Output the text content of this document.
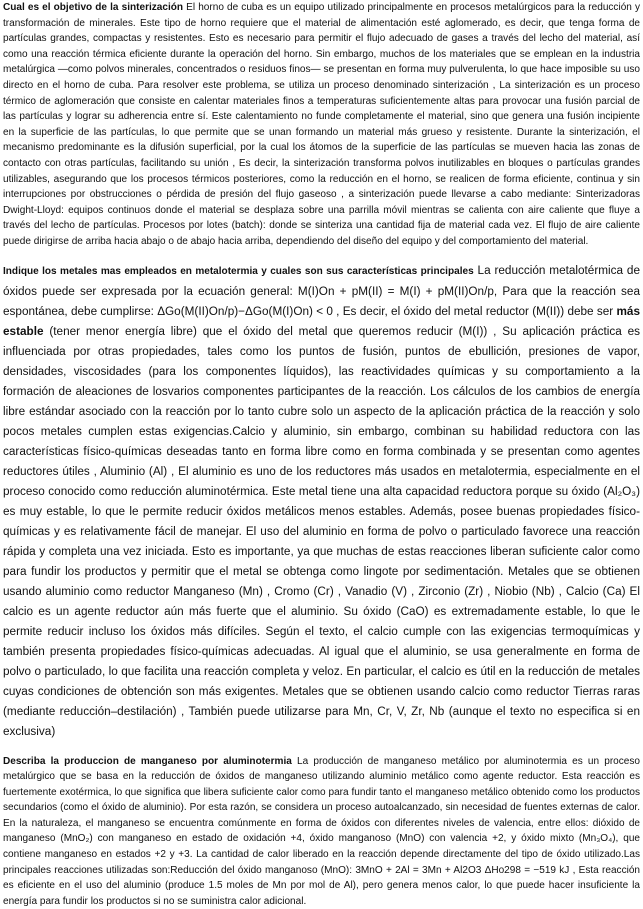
Cual es el objetivo de la sinterización El horno de cuba es un equipo utilizado principalmente en procesos metalúrgicos para la reducción y transformación de minerales. Este tipo de horno requiere que el material de alimentación esté aglomerado, es decir, que tenga forma de partículas grandes, compactas y resistentes. Esto es necesario para permitir el flujo adecuado de gases a través del lecho del material, así como una reacción térmica eficiente durante la operación del horno. Sin embargo, muchos de los materiales que se emplean en la industria metalúrgica —como polvos minerales, concentrados o residuos finos— se presentan en forma muy pulverulenta, lo que hace imposible su uso directo en el horno de cuba. Para resolver este problema, se utiliza un proceso denominado sinterización , La sinterización es un proceso térmico de aglomeración que consiste en calentar materiales finos a temperaturas suficientemente altas para provocar una fusión parcial de las partículas y lograr su adherencia entre sí. Este calentamiento no funde completamente el material, sino que genera una fusión incipiente en la superficie de las partículas, lo que permite que se unan formando un material más grueso y resistente. Durante la sinterización, el mecanismo predominante es la difusión superficial, por la cual los átomos de la superficie de las partículas se mueven hacia las zonas de contacto con otras partículas, facilitando su unión , Es decir, la sinterización transforma polvos inutilizables en bloques o partículas grandes utilizables, asegurando que los procesos térmicos posteriores, como la reducción en el horno, se realicen de forma eficiente, continua y sin interrupciones por obstrucciones o pérdida de presión del flujo gaseoso , a sinterización puede llevarse a cabo mediante: Sinterizadoras Dwight-Lloyd: equipos continuos donde el material se desplaza sobre una parrilla móvil mientras se calienta con aire caliente que fluye a través del lecho de partículas. Procesos por lotes (batch): donde se sinteriza una cantidad fija de material cada vez. El flujo de aire caliente puede dirigirse de arriba hacia abajo o de abajo hacia arriba, dependiendo del diseño del equipo y del comportamiento del material.

Indique los metales mas empleados en metalotermia y cuales son sus características principales La reducción metalotérmica de óxidos puede ser expresada por la ecuación general: M(I)On + pM(II) = M(I) + pM(II)On/p, Para que la reacción sea espontánea, debe cumplirse: ΔGo(M(II)On/p)−ΔGo(M(I)On) < 0 , Es decir, el óxido del metal reductor (M(II)) debe ser más estable (tener menor energía libre) que el óxido del metal que queremos reducir (M(I)) , Su aplicación práctica es influenciada por otras propiedades, tales como los puntos de fusión, puntos de ebullición, presiones de vapor, densidades, viscosidades (para los componentes líquidos), las reactividades químicas y su comportamiento a la formación de aleaciones de losvarios componentes participantes de la reacción. Los cálculos de los cambios de energía libre estándar asociado con la reacción por lo tanto cubre solo un aspecto de la aplicación práctica de la reacción y solo pocos metales cumplen estas exigencias.Calcio y aluminio, sin embargo, combinan su habilidad reductora con las características físico-químicas deseadas tanto en forma libre como en forma combinada y se presentan como agentes reductores útiles , Aluminio (Al) , El aluminio es uno de los reductores más usados en metalotermia, especialmente en el proceso conocido como reducción aluminotérmica. Este metal tiene una alta capacidad reductora porque su óxido (Al₂O₃) es muy estable, lo que le permite reducir óxidos metálicos menos estables. Además, posee buenas propiedades físico-químicas y es relativamente fácil de manejar. El uso del aluminio en forma de polvo o particulado favorece una reacción rápida y completa una vez iniciada. Esto es importante, ya que muchas de estas reacciones liberan suficiente calor como para fundir los productos y permitir que el metal se obtenga como lingote por sedimentación. Metales que se obtienen usando aluminio como reductor Manganeso (Mn) , Cromo (Cr) , Vanadio (V) , Zirconio (Zr) , Niobio (Nb) , Calcio (Ca) El calcio es un agente reductor aún más fuerte que el aluminio. Su óxido (CaO) es extremadamente estable, lo que le permite reducir incluso los óxidos más difíciles. Según el texto, el calcio cumple con las exigencias termoquímicas y también presenta propiedades físico-químicas adecuadas. Al igual que el aluminio, se usa generalmente en forma de polvo o particulado, lo que facilita una reacción completa y veloz. En particular, el calcio es útil en la reducción de metales cuyas condiciones de obtención son más exigentes. Metales que se obtienen usando calcio como reductor Tierras raras (mediante reducción–destilación) , También puede utilizarse para Mn, Cr, V, Zr, Nb (aunque el texto no especifica si en exclusiva)

Describa la produccion de manganeso por aluminotermia La producción de manganeso metálico por aluminotermia es un proceso metalúrgico que se basa en la reducción de óxidos de manganeso utilizando aluminio metálico como agente reductor. Esta reacción es fuertemente exotérmica, lo que significa que libera suficiente calor como para fundir tanto el manganeso metálico obtenido como los productos secundarios (como el óxido de aluminio). Por esta razón, se considera un proceso autoalcanzado, sin necesidad de fuentes externas de calor. En la naturaleza, el manganeso se encuentra comúnmente en forma de óxidos con diferentes niveles de valencia, entre ellos: dióxido de manganeso (MnO₂) con manganeso en estado de oxidación +4, óxido manganoso (MnO) con valencia +2, y óxido mixto (Mn₃O₄), que contiene manganeso en estados +2 y +3. La cantidad de calor liberado en la reacción depende directamente del tipo de óxido utilizado.Las principales reacciones utilizadas son:Reducción del óxido manganoso (MnO): 3MnO + 2Al = 3Mn + Al2O3 ΔHo298 = −519 kJ , Esta reacción es eficiente en el uso del aluminio (produce 1.5 moles de Mn por mol de Al), pero genera menos calor, lo que puede hacer insuficiente la energía para fundir los productos si no se suministra calor adicional.
